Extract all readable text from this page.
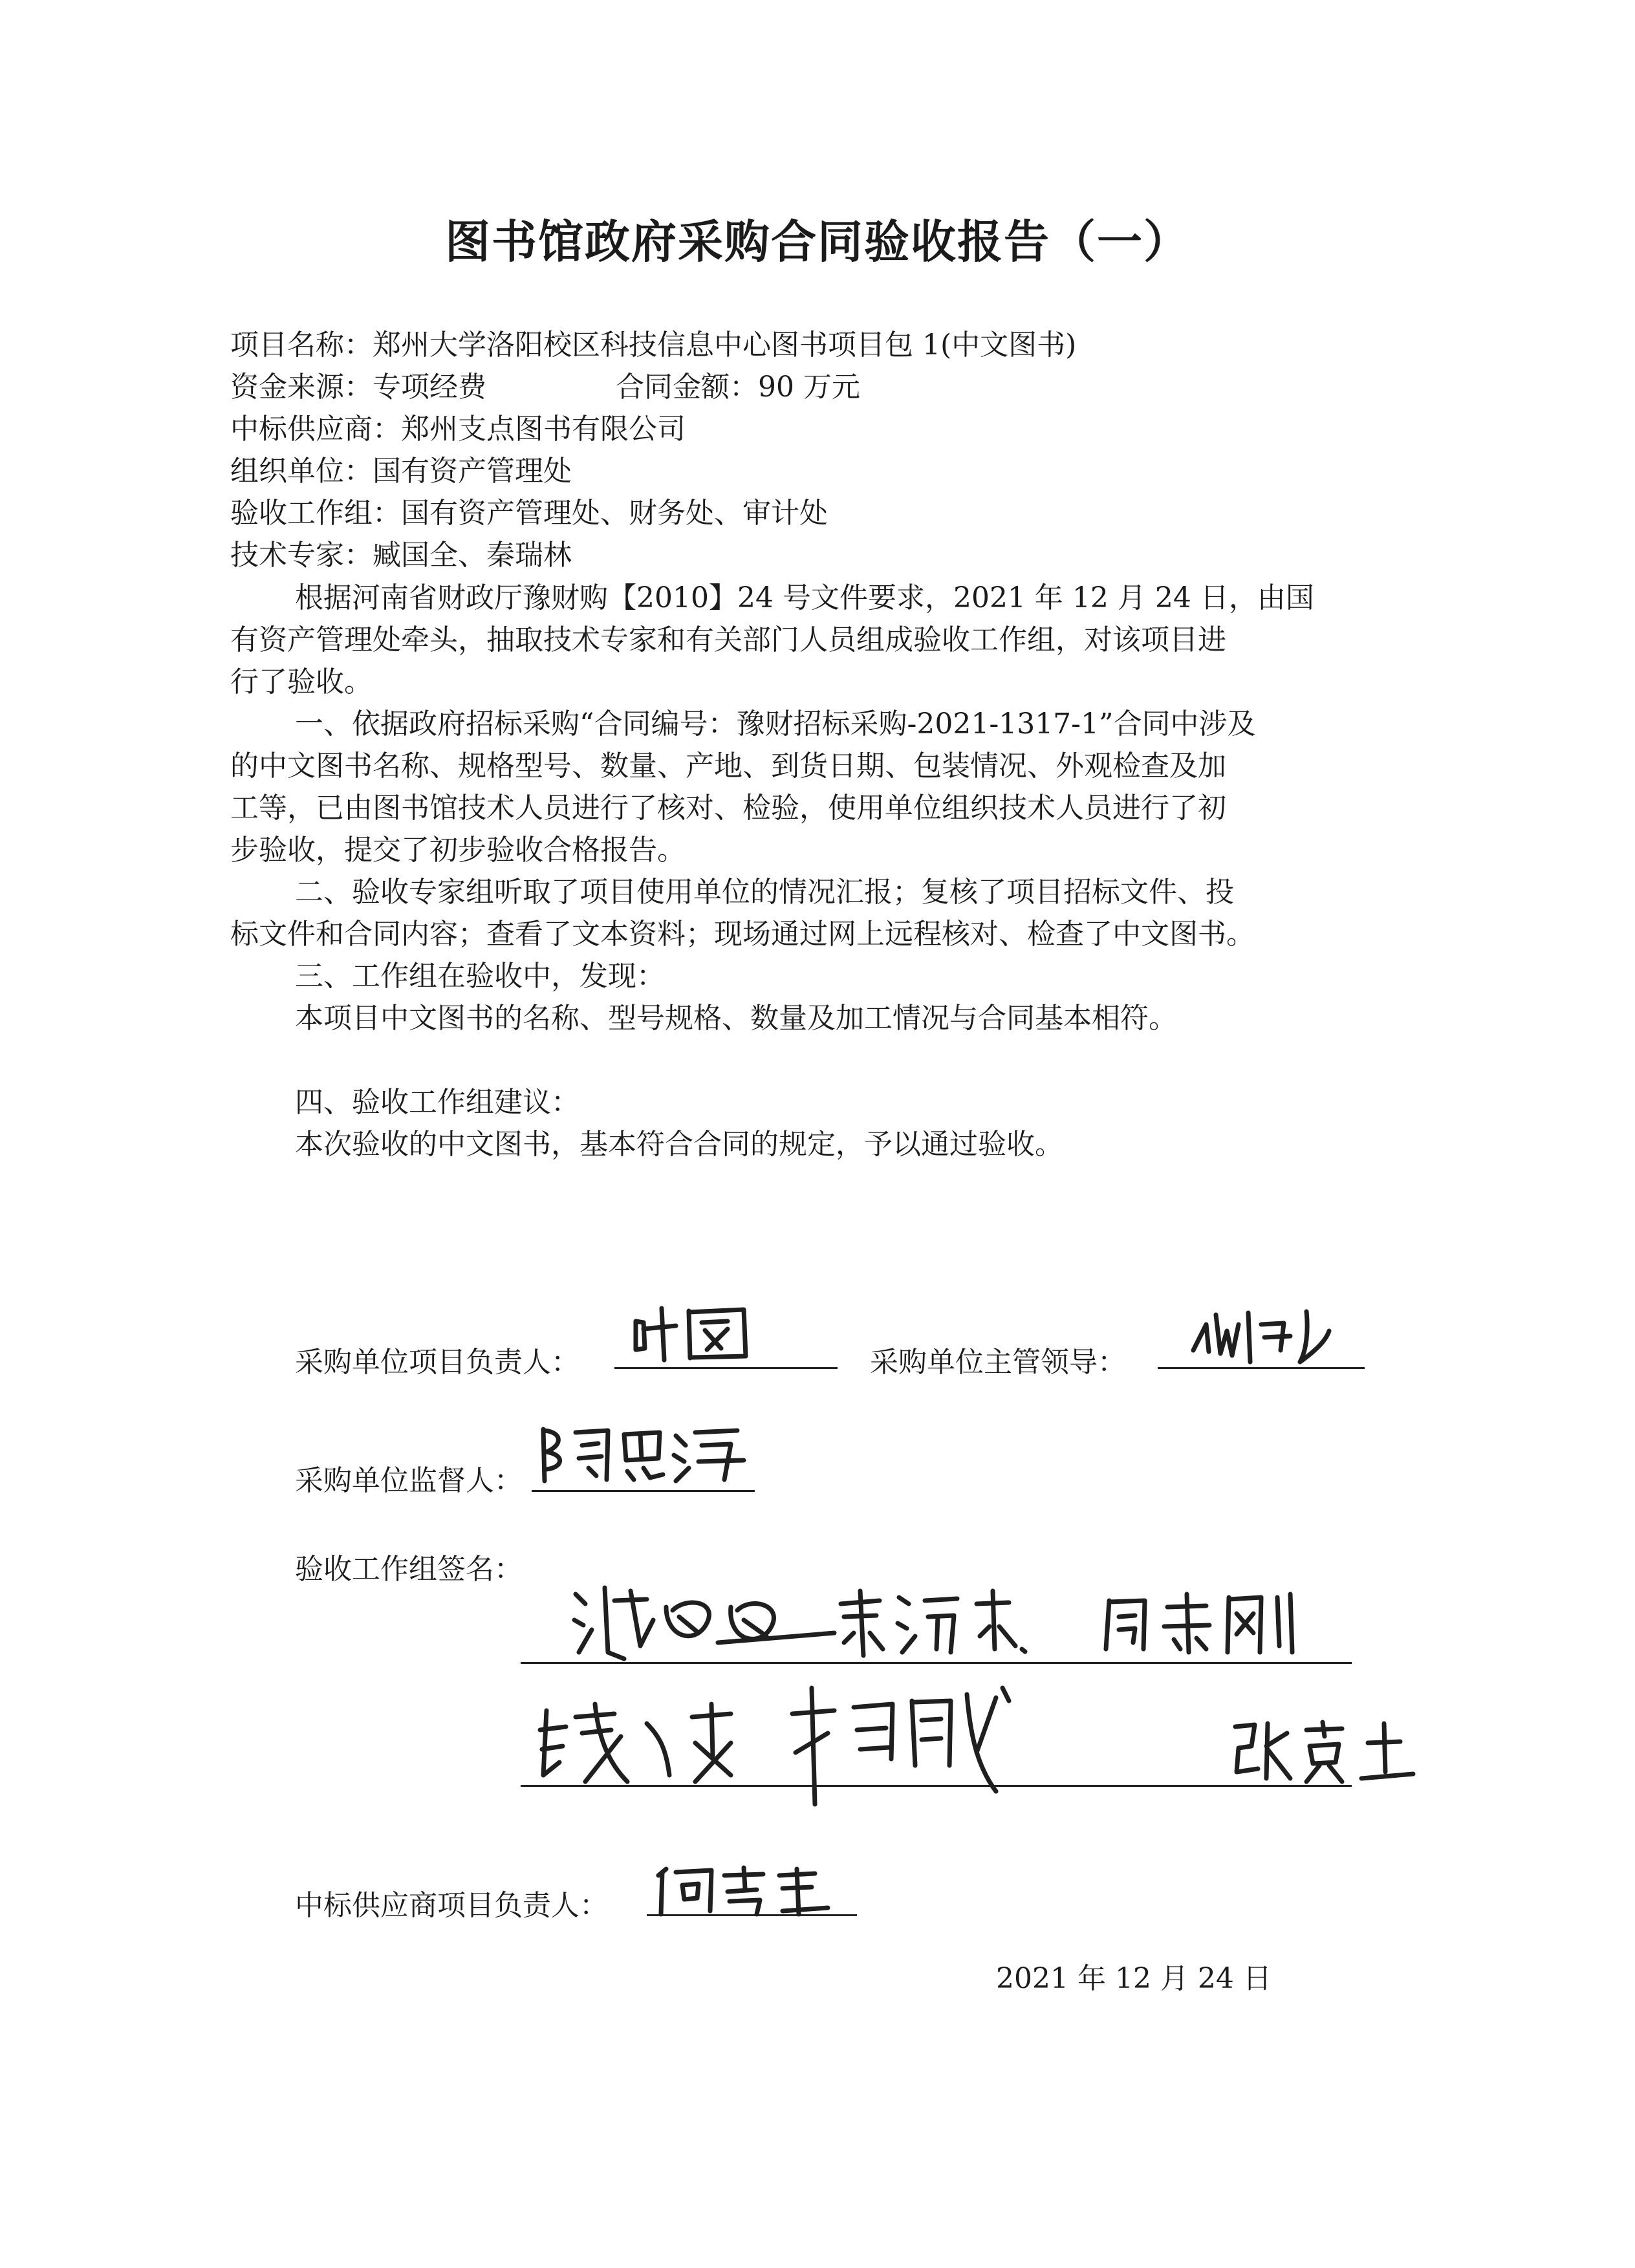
图书馆政府采购合同验收报告（一）
项目名称：郑州大学洛阳校区科技信息中心图书项目包 1(中文图书)
资金来源：专项经费	合同金额：90 万元
中标供应商：郑州支点图书有限公司
组织单位：国有资产管理处
验收工作组：国有资产管理处、财务处、审计处
技术专家：臧国全、秦瑞林
根据河南省财政厅豫财购【2010】24 号文件要求，2021 年 12 月 24 日，由国
有资产管理处牵头，抽取技术专家和有关部门人员组成验收工作组，对该项目进
行了验收。
一、依据政府招标采购“合同编号：豫财招标采购-2021-1317-1”合同中涉及
的中文图书名称、规格型号、数量、产地、到货日期、包装情况、外观检查及加
工等，已由图书馆技术人员进行了核对、检验，使用单位组织技术人员进行了初
步验收，提交了初步验收合格报告。
二、验收专家组听取了项目使用单位的情况汇报；复核了项目招标文件、投
标文件和合同内容；查看了文本资料；现场通过网上远程核对、检查了中文图书。
三、工作组在验收中，发现：
本项目中文图书的名称、型号规格、数量及加工情况与合同基本相符。
四、验收工作组建议：
本次验收的中文图书，基本符合合同的规定，予以通过验收。
采购单位项目负责人：	采购单位主管领导：
采购单位监督人：
验收工作组签名：
中标供应商项目负责人：
2021 年 12 月 24 日
